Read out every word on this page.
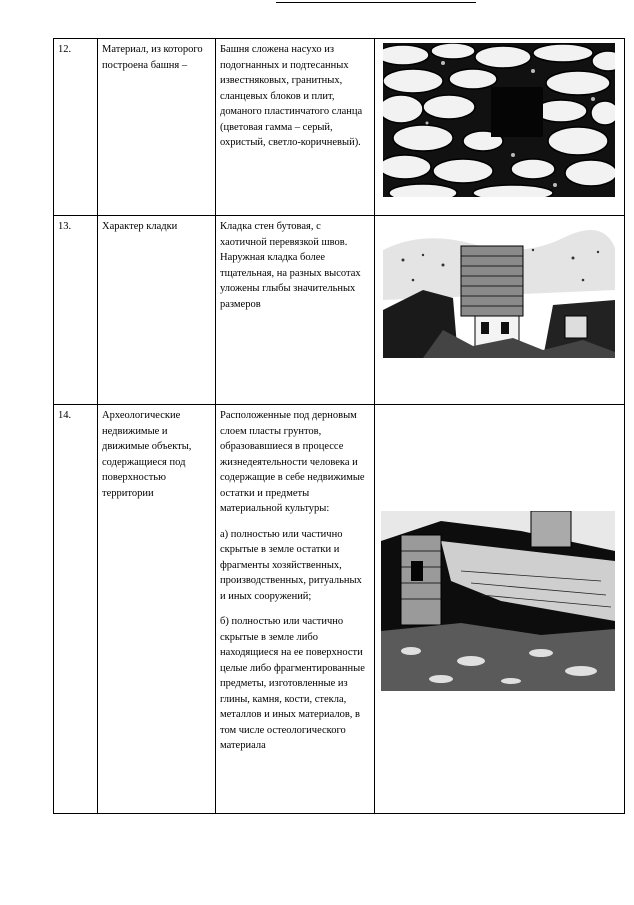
12.	Материал, из которого построена башня –	Башня сложена насухо из подогнанных и подтесанных известняковых, гранитных, сланцевых блоков и плит, доманого пластинчатого сланца (цветовая гамма – серый, охристый, светло-коричневый).

13.	Характер кладки	Кладка стен бутовая, с хаотичной перевязкой швов. Наружная кладка более тщательная, на разных высотах уложены глыбы значительных размеров

14.	Археологические недвижимые и движимые объекты, содержащиеся под поверхностью территории	Расположенные под дерновым слоем пласты грунтов, образовавшиеся в процессе жизнедеятельности человека и содержащие в себе недвижимые остатки и предметы материальной культуры:
а) полностью или частично скрытые в земле остатки и фрагменты хозяйственных, производственных, ритуальных и иных сооружений;
б) полностью или частично скрытые в земле либо находящиеся на ее поверхности целые либо фрагментированные предметы, изготовленные из глины, камня, кости, стекла, металлов и иных материалов, в том числе остеологического материала
